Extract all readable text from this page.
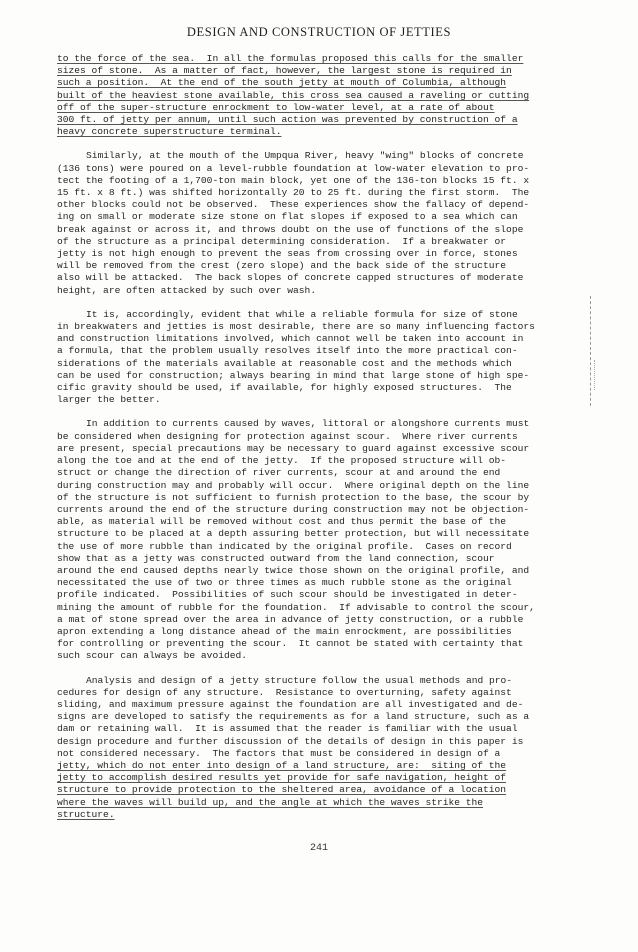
DESIGN AND CONSTRUCTION OF JETTIES
to the force of the sea.  In all the formulas proposed this calls for the smaller
sizes of stone.  As a matter of fact, however, the largest stone is required in
such a position.  At the end of the south jetty at mouth of Columbia, although
built of the heaviest stone available, this cross sea caused a raveling or cutting
off of the super-structure enrockment to low-water level, at a rate of about
300 ft. of jetty per annum, until such action was prevented by construction of a
heavy concrete superstructure terminal.
Similarly, at the mouth of the Umpqua River, heavy "wing" blocks of concrete
(136 tons) were poured on a level-rubble foundation at low-water elevation to pro-
tect the footing of a 1,700-ton main block, yet one of the 136-ton blocks 15 ft. x
15 ft. x 8 ft.) was shifted horizontally 20 to 25 ft. during the first storm.  The
other blocks could not be observed.  These experiences show the fallacy of depend-
ing on small or moderate size stone on flat slopes if exposed to a sea which can
break against or across it, and throws doubt on the use of functions of the slope
of the structure as a principal determining consideration.  If a breakwater or
jetty is not high enough to prevent the seas from crossing over in force, stones
will be removed from the crest (zero slope) and the back side of the structure
also will be attacked.  The back slopes of concrete capped structures of moderate
height, are often attacked by such over wash.
It is, accordingly, evident that while a reliable formula for size of stone
in breakwaters and jetties is most desirable, there are so many influencing factors
and construction limitations involved, which cannot well be taken into account in
a formula, that the problem usually resolves itself into the more practical con-
siderations of the materials available at reasonable cost and the methods which
can be used for construction; always bearing in mind that large stone of high spe-
cific gravity should be used, if available, for highly exposed structures.  The
larger the better.
In addition to currents caused by waves, littoral or alongshore currents must
be considered when designing for protection against scour.  Where river currents
are present, special precautions may be necessary to guard against excessive scour
along the toe and at the end of the jetty.  If the proposed structure will ob-
struct or change the direction of river currents, scour at and around the end
during construction may and probably will occur.  Where original depth on the line
of the structure is not sufficient to furnish protection to the base, the scour by
currents around the end of the structure during construction may not be objection-
able, as material will be removed without cost and thus permit the base of the
structure to be placed at a depth assuring better protection, but will necessitate
the use of more rubble than indicated by the original profile.  Cases on record
show that as a jetty was constructed outward from the land connection, scour
around the end caused depths nearly twice those shown on the original profile, and
necessitated the use of two or three times as much rubble stone as the original
profile indicated.  Possibilities of such scour should be investigated in deter-
mining the amount of rubble for the foundation.  If advisable to control the scour,
a mat of stone spread over the area in advance of jetty construction, or a rubble
apron extending a long distance ahead of the main enrockment, are possibilities
for controlling or preventing the scour.  It cannot be stated with certainty that
such scour can always be avoided.
Analysis and design of a jetty structure follow the usual methods and pro-
cedures for design of any structure.  Resistance to overturning, safety against
sliding, and maximum pressure against the foundation are all investigated and de-
signs are developed to satisfy the requirements as for a land structure, such as a
dam or retaining wall.  It is assumed that the reader is familiar with the usual
design procedure and further discussion of the details of design in this paper is
not considered necessary.  The factors that must be considered in design of a
jetty, which do not enter into design of a land structure, are:  siting of the
jetty to accomplish desired results yet provide for safe navigation, height of
structure to provide protection to the sheltered area, avoidance of a location
where the waves will build up, and the angle at which the waves strike the
structure.
241
